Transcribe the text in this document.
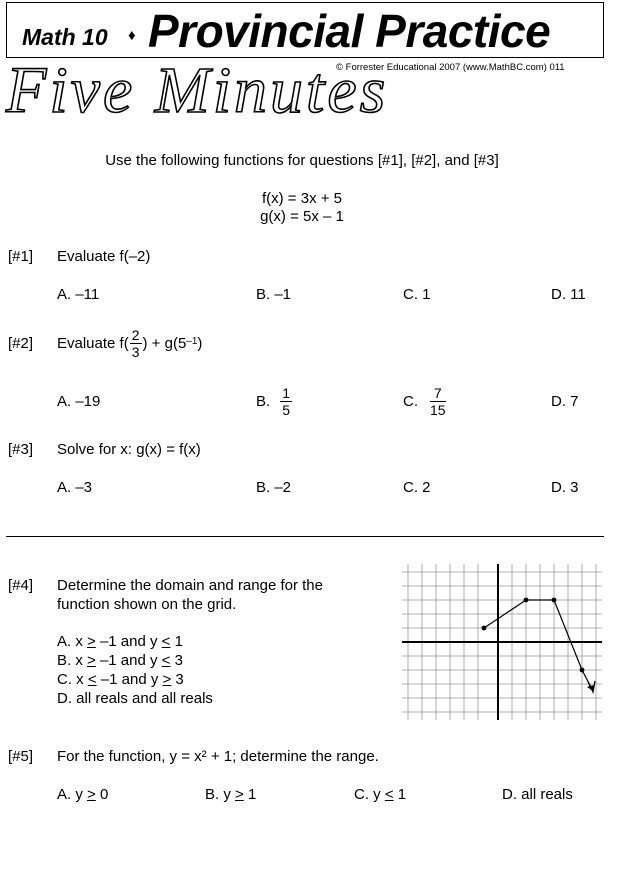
Math 10 ♦ Provincial Practice
© Forrester Educational 2007 (www.MathBC.com) 011
Five Minutes
Use the following functions for questions [#1], [#2], and [#3]
f(x) = 3x + 5
g(x) = 5x – 1
[#1] Evaluate f(–2)
A. –11	B. –1	C. 1	D. 11
[#2] Evaluate $f( \frac{2}{3}$ ) + $g(5^{-1}$ )
A. –19	B. $\frac{1}{5}$	C. $\frac{7}{15}$	D. 7
[#3] Solve for x: g(x) = f(x)
A. –3	B. –2	C. 2	D. 3
[#4] Determine the domain and range for the
function shown on the grid.
A. x > –1 and y < 1
B. x > –1 and y < 3
C. x < –1 and y > 3
D. all reals and all reals
[#5] For the function, y = x² + 1; determine the range.
A. y > 0	B. y > 1	C. y < 1	D. all reals
